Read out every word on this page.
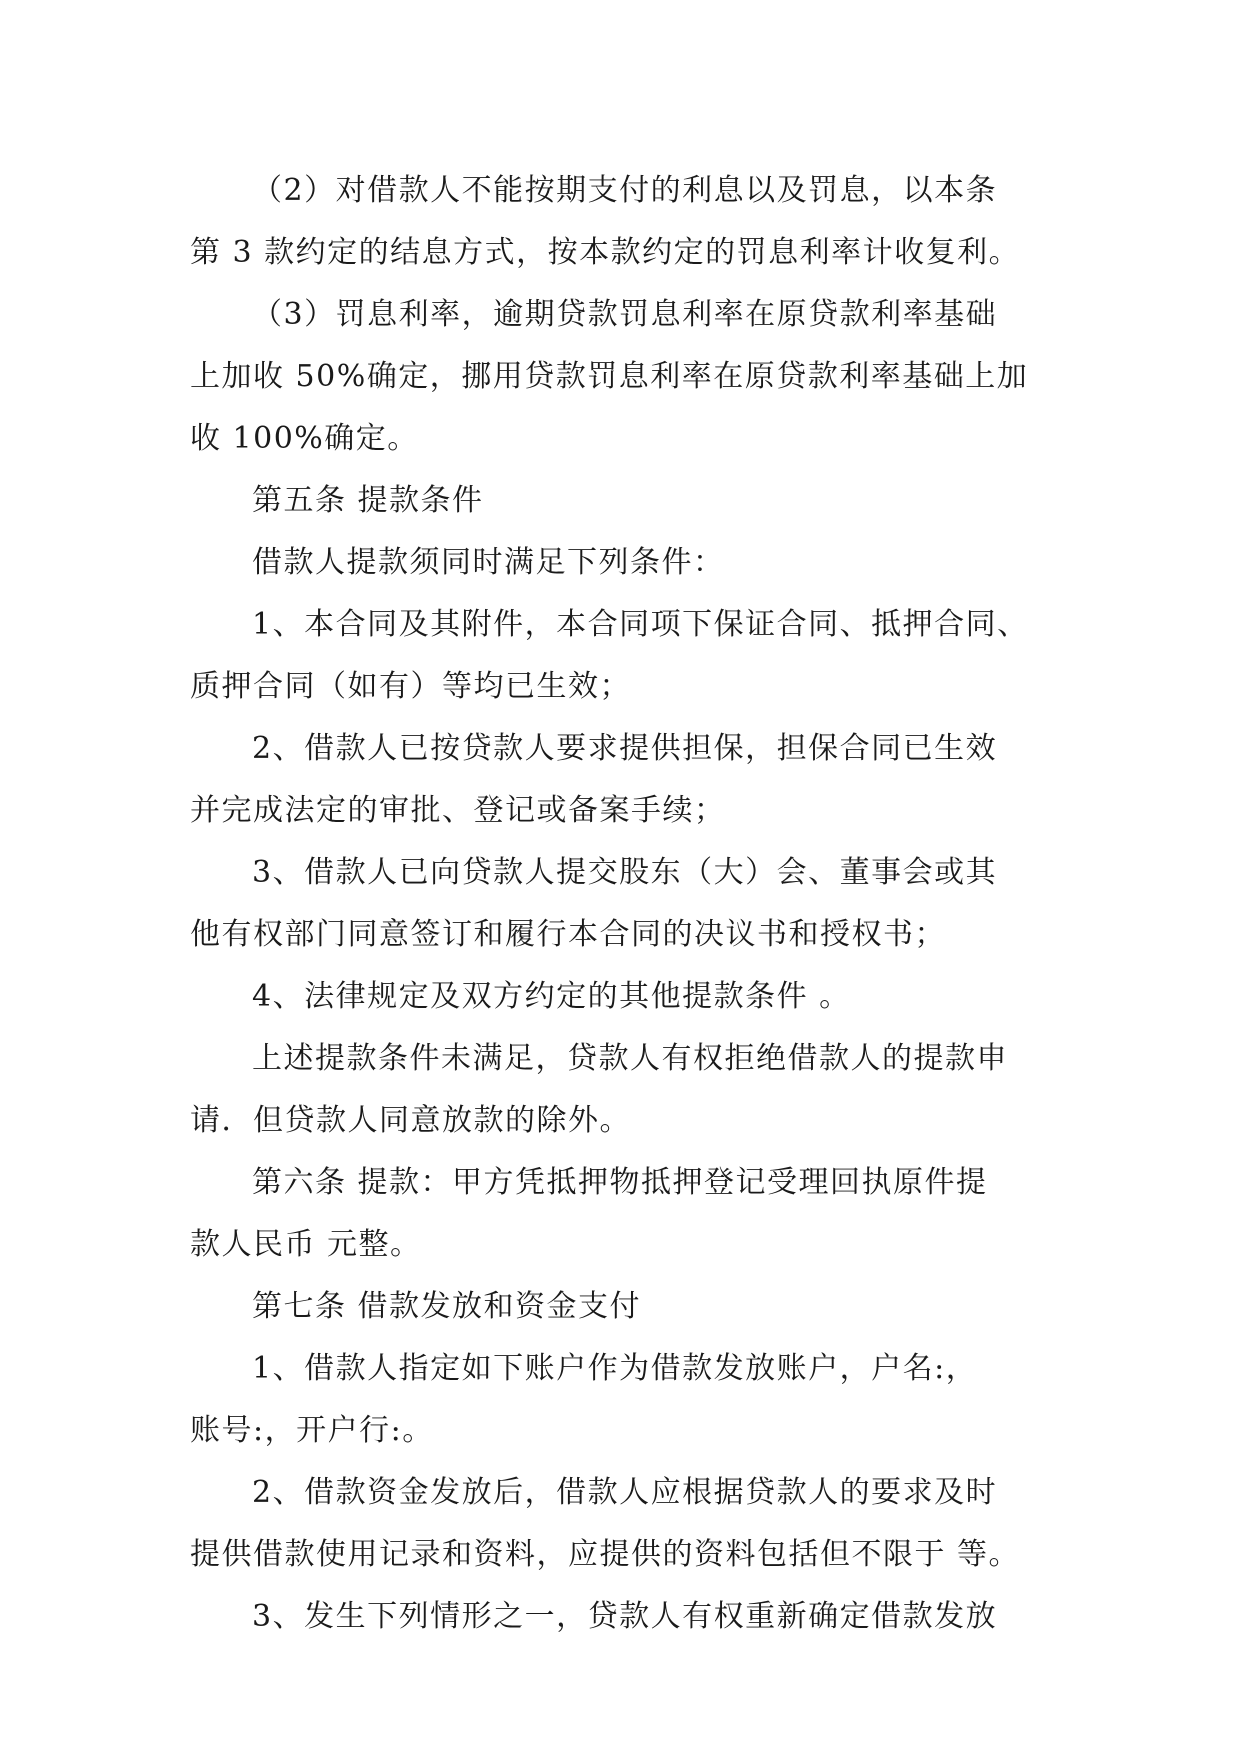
（2）对借款人不能按期支付的利息以及罚息，以本条
第 3 款约定的结息方式，按本款约定的罚息利率计收复利。
（3）罚息利率，逾期贷款罚息利率在原贷款利率基础
上加收 50%确定，挪用贷款罚息利率在原贷款利率基础上加
收 100%确定。
第五条 提款条件
借款人提款须同时满足下列条件：
1、本合同及其附件，本合同项下保证合同、抵押合同、
质押合同（如有）等均已生效；
2、借款人已按贷款人要求提供担保，担保合同已生效
并完成法定的审批、登记或备案手续；
3、借款人已向贷款人提交股东（大）会、董事会或其
他有权部门同意签订和履行本合同的决议书和授权书；
4、法律规定及双方约定的其他提款条件 。
上述提款条件未满足，贷款人有权拒绝借款人的提款申
请．但贷款人同意放款的除外。
第六条 提款：甲方凭抵押物抵押登记受理回执原件提
款人民币 元整。
第七条 借款发放和资金支付
1、借款人指定如下账户作为借款发放账户，户名:，
账号:，开户行:。
2、借款资金发放后，借款人应根据贷款人的要求及时
提供借款使用记录和资料，应提供的资料包括但不限于 等。
3、发生下列情形之一，贷款人有权重新确定借款发放
